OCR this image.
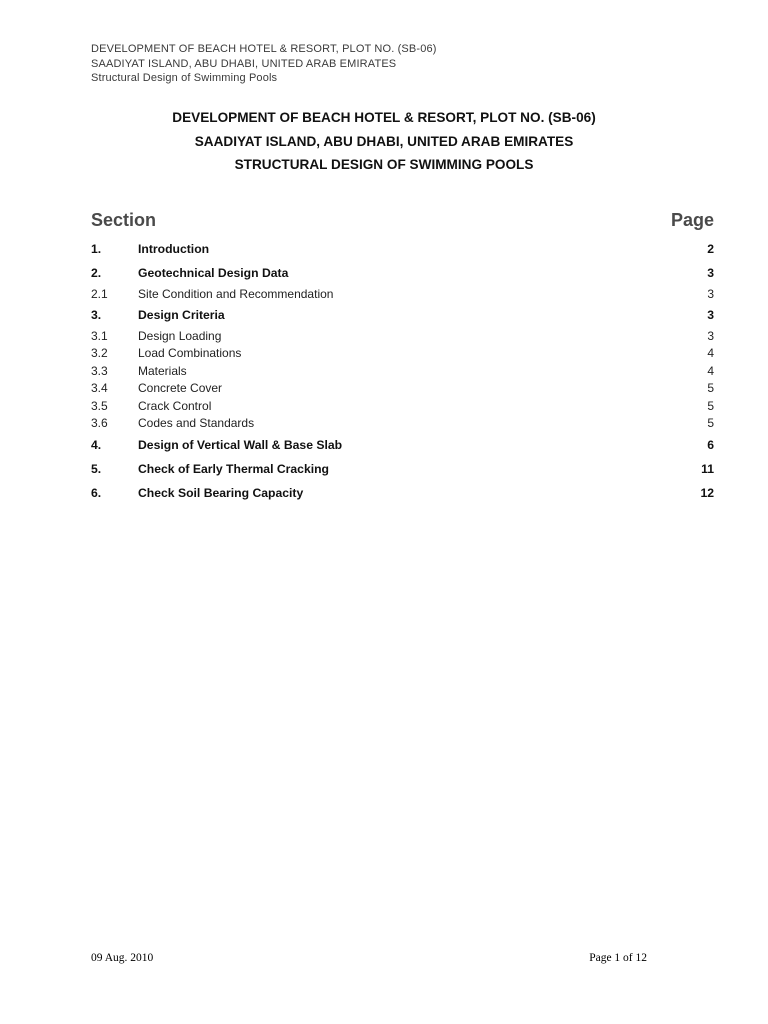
DEVELOPMENT OF BEACH HOTEL & RESORT, PLOT NO. (SB-06)
SAADIYAT ISLAND, ABU DHABI, UNITED ARAB EMIRATES
Structural Design of Swimming Pools
DEVELOPMENT OF BEACH HOTEL & RESORT, PLOT NO. (SB-06)
SAADIYAT ISLAND, ABU DHABI, UNITED ARAB EMIRATES
STRUCTURAL DESIGN OF SWIMMING POOLS
Section	Page
1.	Introduction	2
2.	Geotechnical Design Data	3
2.1	Site Condition and Recommendation	3
3.	Design Criteria	3
3.1	Design Loading	3
3.2	Load Combinations	4
3.3	Materials	4
3.4	Concrete Cover	5
3.5	Crack Control	5
3.6	Codes and Standards	5
4.	Design of Vertical Wall & Base Slab	6
5.	Check of Early Thermal Cracking	11
6.	Check Soil Bearing Capacity	12
09 Aug. 2010	Page 1 of 12
